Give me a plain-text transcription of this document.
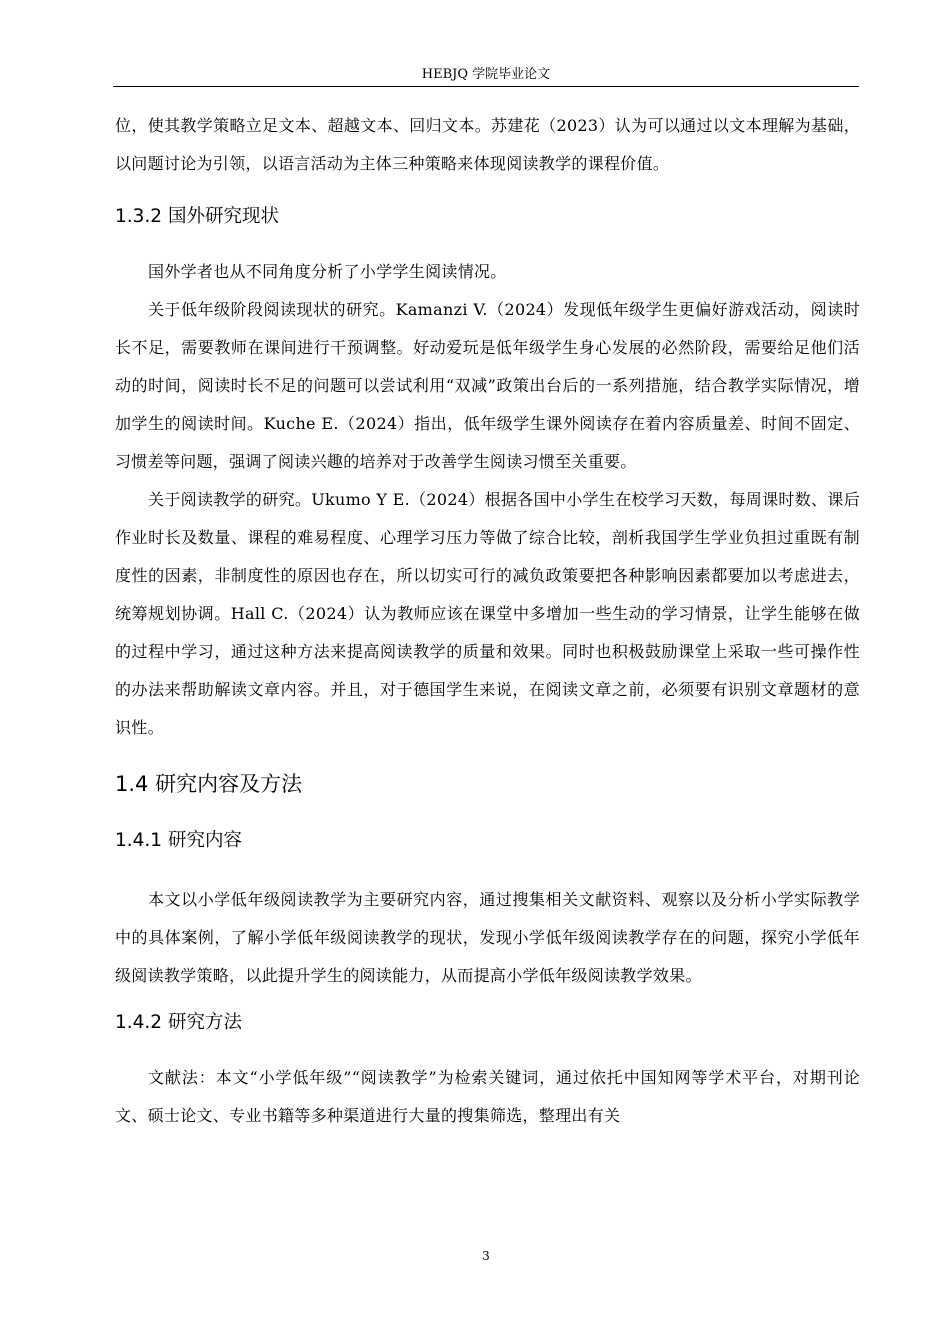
HEBJQ 学院毕业论文

位，使其教学策略立足文本、超越文本、回归文本。苏建花（2023）认为可以通过以文本理解为基础，以问题讨论为引领，以语言活动为主体三种策略来体现阅读教学的课程价值。

1.3.2 国外研究现状

国外学者也从不同角度分析了小学学生阅读情况。

关于低年级阶段阅读现状的研究。Kamanzi V.（2024）发现低年级学生更偏好游戏活动，阅读时长不足，需要教师在课间进行干预调整。好动爱玩是低年级学生身心发展的必然阶段，需要给足他们活动的时间，阅读时长不足的问题可以尝试利用“双减”政策出台后的一系列措施，结合教学实际情况，增加学生的阅读时间。Kuche E.（2024）指出，低年级学生课外阅读存在着内容质量差、时间不固定、习惯差等问题，强调了阅读兴趣的培养对于改善学生阅读习惯至关重要。

关于阅读教学的研究。Ukumo Y E.（2024）根据各国中小学生在校学习天数，每周课时数、课后作业时长及数量、课程的难易程度、心理学习压力等做了综合比较，剖析我国学生学业负担过重既有制度性的因素，非制度性的原因也存在，所以切实可行的减负政策要把各种影响因素都要加以考虑进去，统筹规划协调。Hall C.（2024）认为教师应该在课堂中多增加一些生动的学习情景，让学生能够在做的过程中学习，通过这种方法来提高阅读教学的质量和效果。同时也积极鼓励课堂上采取一些可操作性的办法来帮助解读文章内容。并且，对于德国学生来说，在阅读文章之前，必须要有识别文章题材的意识性。

1.4 研究内容及方法
1.4.1 研究内容

本文以小学低年级阅读教学为主要研究内容，通过搜集相关文献资料、观察以及分析小学实际教学中的具体案例，了解小学低年级阅读教学的现状，发现小学低年级阅读教学存在的问题，探究小学低年级阅读教学策略，以此提升学生的阅读能力，从而提高小学低年级阅读教学效果。

1.4.2 研究方法

文献法：本文“小学低年级”“阅读教学”为检索关键词，通过依托中国知网等学术平台，对期刊论文、硕士论文、专业书籍等多种渠道进行大量的搜集筛选，整理出有关

3
